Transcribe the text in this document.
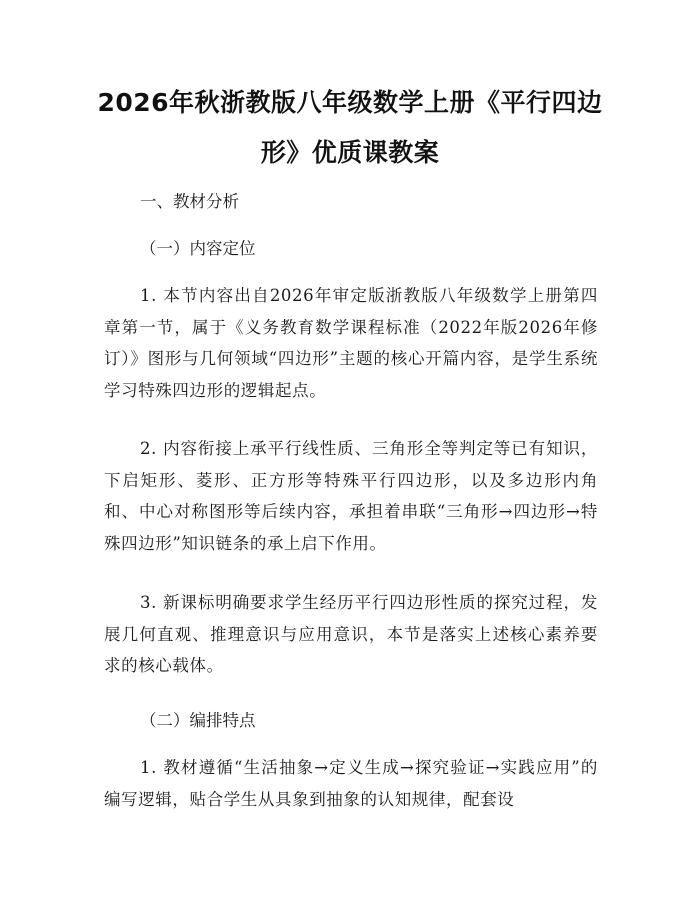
2026年秋浙教版八年级数学上册《平行四边
形》优质课教案

一、教材分析

（一）内容定位

1. 本节内容出自2026年审定版浙教版八年级数学上册第四章第一节，属于《义务教育数学课程标准（2022年版2026年修订）》图形与几何领域“四边形”主题的核心开篇内容，是学生系统学习特殊四边形的逻辑起点。

2. 内容衔接上承平行线性质、三角形全等判定等已有知识，下启矩形、菱形、正方形等特殊平行四边形，以及多边形内角和、中心对称图形等后续内容，承担着串联“三角形→四边形→特殊四边形”知识链条的承上启下作用。

3. 新课标明确要求学生经历平行四边形性质的探究过程，发展几何直观、推理意识与应用意识，本节是落实上述核心素养要求的核心载体。

（二）编排特点

1. 教材遵循“生活抽象→定义生成→探究验证→实践应用”的编写逻辑，贴合学生从具象到抽象的认知规律，配套设
